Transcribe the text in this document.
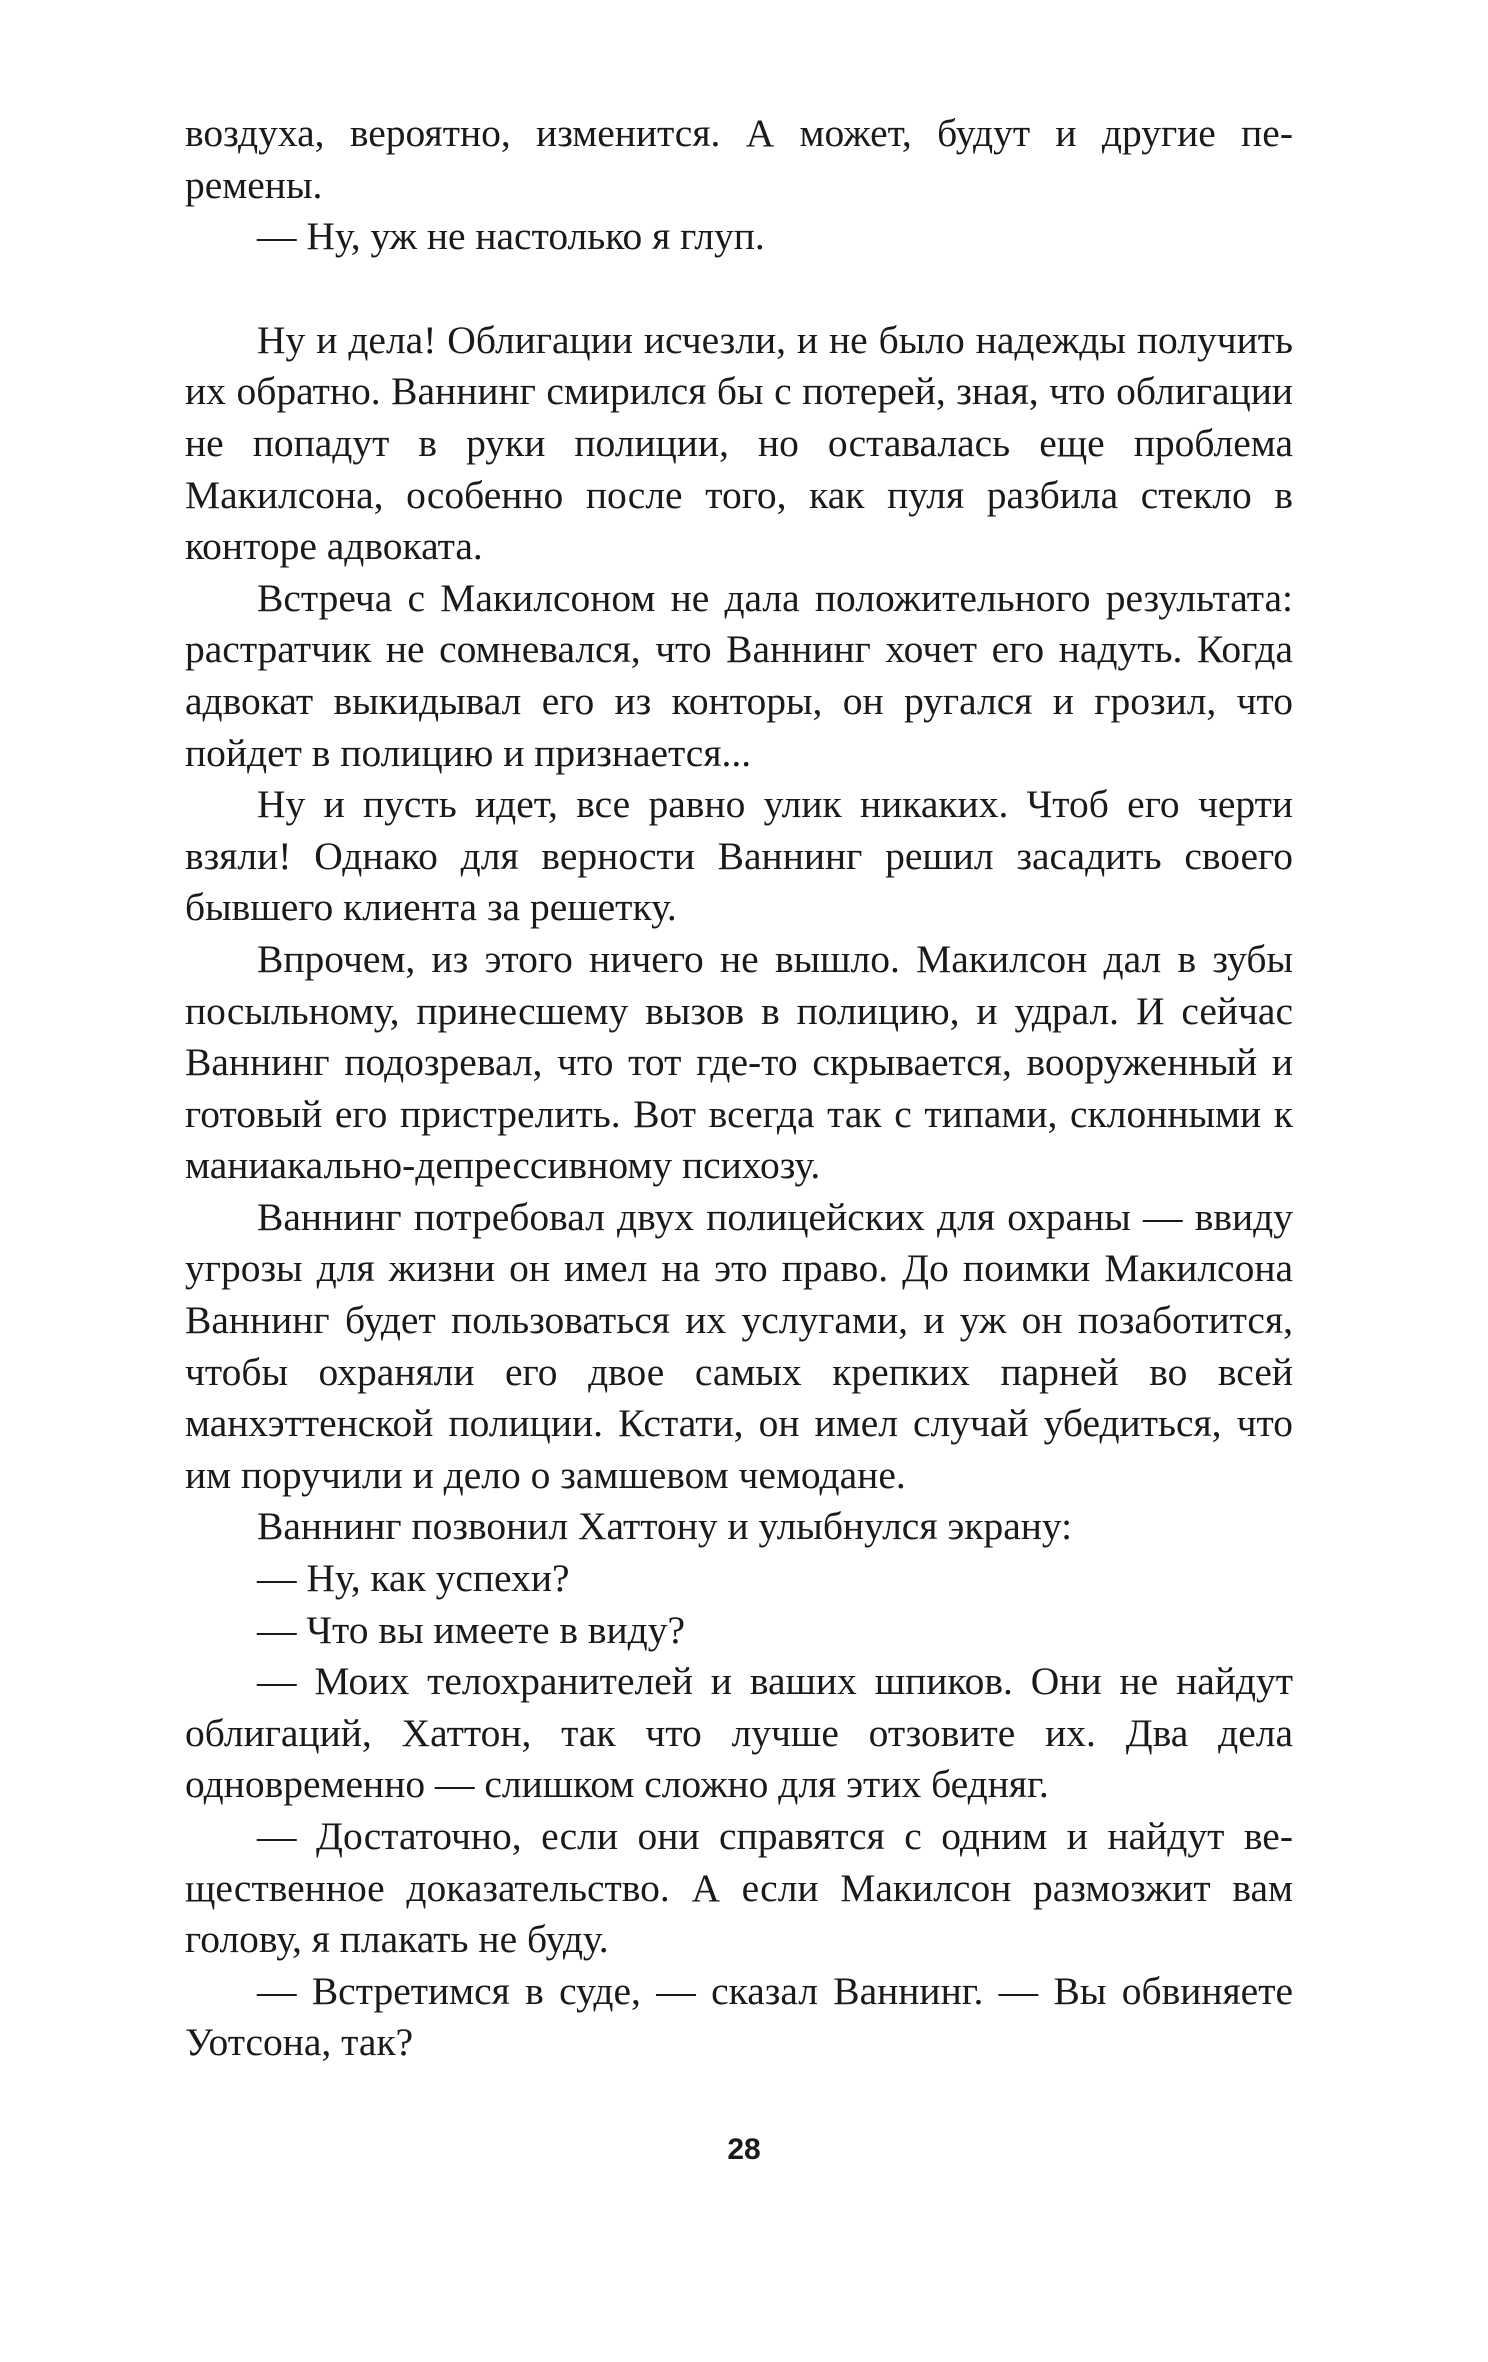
воздуха, вероятно, изменится. А может, будут и другие перемены.

— Ну, уж не настолько я глуп.

Ну и дела! Облигации исчезли, и не было надежды получить их обратно. Ваннинг смирился бы с потерей, зная, что облигации не попадут в руки полиции, но оставалась еще проблема Макилсона, особенно после того, как пуля разбила стекло в конторе адвоката.

Встреча с Макилсоном не дала положительного результата: растратчик не сомневался, что Ваннинг хочет его надуть. Когда адвокат выкидывал его из конторы, он ругался и грозил, что пойдет в полицию и признается...

Ну и пусть идет, все равно улик никаких. Чтоб его черти взяли! Однако для верности Ваннинг решил засадить своего бывшего клиента за решетку.

Впрочем, из этого ничего не вышло. Макилсон дал в зубы посыльному, принесшему вызов в полицию, и удрал. И сейчас Ваннинг подозревал, что тот где-то скрывается, вооруженный и готовый его пристрелить. Вот всегда так с типами, склонными к маниакально-депрессивному психозу.

Ваннинг потребовал двух полицейских для охраны — ввиду угрозы для жизни он имел на это право. До поимки Макилсона Ваннинг будет пользоваться их услугами, и уж он позаботится, чтобы охраняли его двое самых крепких парней во всей манхэттенской полиции. Кстати, он имел случай убедиться, что им поручили и дело о замшевом чемодане.

Ваннинг позвонил Хаттону и улыбнулся экрану:

— Ну, как успехи?

— Что вы имеете в виду?

— Моих телохранителей и ваших шпиков. Они не найдут облигаций, Хаттон, так что лучше отзовите их. Два дела одновременно — слишком сложно для этих бедняг.

— Достаточно, если они справятся с одним и найдут вещественное доказательство. А если Макилсон размозжит вам голову, я плакать не буду.

— Встретимся в суде, — сказал Ваннинг. — Вы обвиняете Уотсона, так?

28
